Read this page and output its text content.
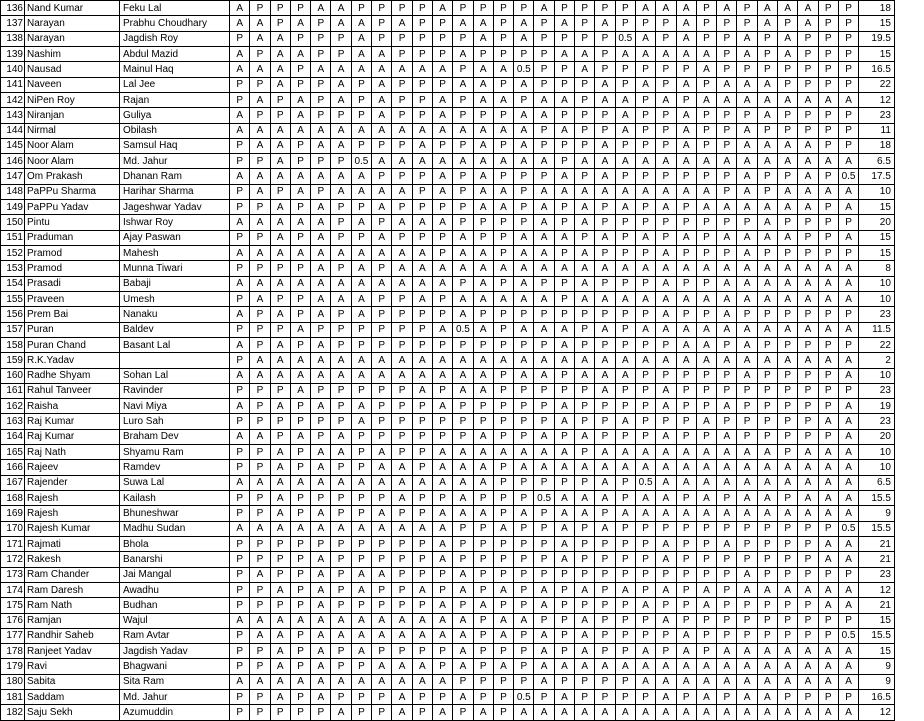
136	Nand Kumar	Feku Lal	A	P	P	P	A	A	P	P	P	P	A	P	P	P	P	A	P	P	P	P	A	A	A	P	A	P	A	A	A	P	P	18
137	Narayan	Prabhu Choudhary	A	A	P	A	P	A	A	P	A	P	P	A	A	P	A	P	A	P	A	P	P	P	A	P	P	P	A	P	A	P	P	15
138	Narayan	Jagdish Roy	P	A	A	P	P	P	A	P	P	P	P	P	A	P	A	P	P	P	P	0.5	A	P	A	P	P	A	P	A	P	P	P	19.5
139	Nashim	Abdul Mazid	A	P	A	A	P	P	A	A	P	P	P	A	P	P	P	P	A	A	P	A	A	A	A	A	P	A	P	A	P	P	P	15
140	Nausad	Mainul Haq	A	A	A	P	A	A	A	A	A	A	A	P	A	A	0.5	P	P	A	P	P	P	P	P	A	P	P	P	P	P	P	P	16.5
141	Naveen	Lal Jee	P	P	A	P	P	A	P	A	P	P	P	A	A	P	A	P	P	P	A	P	A	P	A	P	A	A	A	P	P	P	P	22
142	NiPen Roy	Rajan	P	A	P	A	P	A	P	A	P	P	A	P	A	A	P	A	A	P	A	A	P	A	P	A	A	A	A	A	A	A	A	12
143	Niranjan	Guliya	A	P	P	A	P	P	P	A	P	P	A	P	P	P	A	A	P	P	P	A	P	P	A	P	P	P	A	P	P	P	P	23
144	Nirmal	Obilash	A	A	A	A	A	A	A	A	A	A	A	A	A	A	A	P	A	P	P	A	P	P	A	P	P	A	P	P	P	P	P	11
145	Noor Alam	Samsul Haq	P	A	A	P	A	A	P	P	P	A	P	P	A	P	A	P	P	P	A	P	P	P	A	P	P	A	A	A	A	P	P	18
146	Noor Alam	Md. Jahur	P	P	A	P	P	P	0.5	A	A	A	A	A	A	A	A	A	P	A	A	A	A	A	A	A	A	A	A	A	A	A	A	6.5
147	Om Prakash	Dhanan Ram	A	A	A	A	A	A	A	P	P	P	A	P	A	P	P	P	A	P	A	P	P	P	P	P	P	A	P	P	A	P	0.5	17.5
148	PaPPu Sharma	Harihar Sharma	P	A	P	A	P	A	A	A	A	P	A	P	A	A	P	A	A	A	A	A	A	A	A	A	P	A	P	A	A	A	A	10
149	PaPPu Yadav	Jageshwar Yadav	P	P	A	P	A	P	P	A	P	P	P	P	A	A	P	A	P	A	P	A	P	A	P	A	A	A	A	A	A	P	A	15
150	Pintu	Ishwar Roy	A	A	A	A	A	P	A	P	A	A	A	P	P	P	P	A	P	A	P	P	P	P	P	P	P	P	A	P	P	P	P	20
151	Praduman	Ajay Paswan	P	P	A	P	A	P	P	A	P	P	P	A	P	P	A	A	A	P	A	P	A	P	A	P	A	A	A	A	P	P	A	15
152	Pramod	Mahesh	A	A	A	A	A	A	A	A	A	A	P	A	A	P	A	A	P	A	P	P	P	A	P	P	P	A	P	P	P	P	P	15
153	Pramod	Munna Tiwari	P	P	P	P	A	P	A	P	A	A	A	A	A	A	A	A	A	A	A	A	A	A	A	A	A	A	A	A	A	A	A	8
154	Prasadi	Babaji	A	A	A	A	A	A	A	A	A	A	A	P	A	P	A	P	P	A	P	P	P	A	P	P	A	A	A	A	A	A	A	10
155	Praveen	Umesh	P	A	P	P	A	A	A	P	P	A	P	A	A	A	A	A	P	A	A	A	A	A	A	A	A	A	A	A	A	A	A	10
156	Prem Bai	Nanaku	A	P	A	P	A	P	A	P	P	P	P	A	P	P	P	P	P	P	P	P	P	A	P	P	A	P	P	P	P	P	P	23
157	Puran	Baldev	P	P	P	A	P	P	P	P	P	P	A	0.5	A	P	A	A	A	P	A	P	A	A	A	A	A	A	A	A	A	A	A	11.5
158	Puran Chand	Basant Lal	A	P	A	P	A	P	P	P	P	P	P	P	P	P	P	P	A	P	P	P	P	P	A	A	P	A	P	P	P	P	P	22
159	R.K.Yadav		P	A	A	A	A	A	A	A	A	A	A	A	A	A	A	A	A	A	A	A	A	A	A	A	A	A	A	A	A	A	A	2
160	Radhe Shyam	Sohan Lal	A	A	A	A	A	A	A	A	A	A	A	A	A	P	A	A	P	A	A	A	P	P	P	P	P	A	P	P	P	P	A	10
161	Rahul Tanveer	Ravinder	P	P	P	A	P	P	P	P	P	A	P	A	A	P	P	P	P	P	A	P	P	A	P	P	P	P	P	P	P	P	P	23
162	Raisha	Navi Miya	A	P	A	P	A	P	A	P	P	P	A	P	P	P	P	P	A	P	P	P	P	A	P	P	A	P	P	P	P	P	A	19
163	Raj Kumar	Luro Sah	P	P	P	P	P	P	A	P	P	P	P	P	P	P	P	P	A	P	P	A	P	P	P	A	P	P	P	P	P	A	A	23
164	Raj Kumar	Braham Dev	A	A	P	A	P	A	P	P	P	P	P	P	A	P	P	A	P	A	P	P	P	A	P	P	A	P	P	P	P	P	A	20
165	Raj Nath	Shyamu Ram	P	P	A	P	A	A	P	A	P	P	A	A	A	A	A	A	A	P	A	A	A	A	A	A	A	A	A	P	A	A	A	10
166	Rajeev	Ramdev	P	P	A	P	A	P	P	A	A	P	A	A	A	P	A	A	A	A	A	A	A	A	A	A	A	A	A	A	A	A	A	10
167	Rajender	Suwa Lal	A	A	A	A	A	A	A	A	A	A	A	A	A	P	P	P	P	P	A	P	0.5	A	A	A	A	A	A	A	A	A	A	6.5
168	Rajesh	Kailash	P	P	A	P	P	P	P	P	A	P	P	A	P	P	P	0.5	A	A	A	P	A	A	P	A	P	A	A	P	A	A	A	15.5
169	Rajesh	Bhuneshwar	P	P	A	P	A	P	P	A	P	P	A	A	A	P	A	P	A	A	P	A	A	A	A	A	A	A	A	A	A	A	A	9
170	Rajesh Kumar	Madhu Sudan	A	A	A	A	A	A	A	A	A	A	A	P	P	A	P	P	A	P	A	P	P	P	P	P	P	P	P	P	P	P	0.5	15.5
171	Rajmati	Bhola	P	P	P	P	P	P	P	P	P	P	A	P	P	P	P	P	A	P	P	P	P	A	P	P	A	P	P	P	P	A	A	21
172	Rakesh	Banarshi	P	P	P	P	A	P	P	P	P	P	A	P	P	P	P	P	A	P	P	P	P	A	P	P	P	P	P	P	P	A	A	21
173	Ram Chander	Jai Mangal	P	A	P	P	A	P	A	A	P	P	P	A	P	P	P	P	P	P	P	P	P	P	P	P	P	A	P	P	P	P	P	23
174	Ram Daresh	Awadhu	P	P	A	P	A	P	A	P	P	A	P	A	P	A	P	A	P	A	P	A	P	A	P	A	P	A	A	A	A	A	A	12
175	Ram Nath	Budhan	P	P	P	P	A	P	P	P	P	P	A	P	A	P	P	A	P	P	P	P	A	P	P	A	P	P	P	P	P	A	A	21
176	Ramjan	Wajul	A	A	A	A	A	A	A	A	A	A	A	A	P	A	A	P	P	A	P	P	P	A	P	P	P	P	P	P	P	P	P	15
177	Randhir Saheb	Ram Avtar	P	A	A	P	A	A	A	A	A	A	A	A	P	A	P	A	P	A	P	P	P	P	A	P	P	P	P	P	P	P	0.5	15.5
178	Ranjeet Yadav	Jagdish Yadav	P	P	A	P	A	P	A	P	P	P	P	A	P	P	P	A	P	A	P	P	A	P	A	P	A	A	A	A	A	A	A	15
179	Ravi	Bhagwani	P	P	A	P	A	P	P	A	A	A	P	A	P	A	P	A	A	A	A	A	A	A	A	A	A	A	A	A	A	A	A	9
180	Sabita	Sita Ram	A	A	A	A	A	A	A	A	A	A	A	P	P	P	P	A	P	P	P	P	A	A	A	A	A	A	A	A	A	A	A	9
181	Saddam	Md. Jahur	P	P	A	P	A	P	P	P	A	P	P	A	P	P	0.5	P	A	P	P	P	P	A	P	A	P	A	A	P	P	P	P	16.5
182	Saju Sekh	Azumuddin	P	P	P	P	P	A	P	P	A	P	A	P	A	P	A	A	A	A	A	A	A	A	A	A	A	A	A	A	A	A	A	12
